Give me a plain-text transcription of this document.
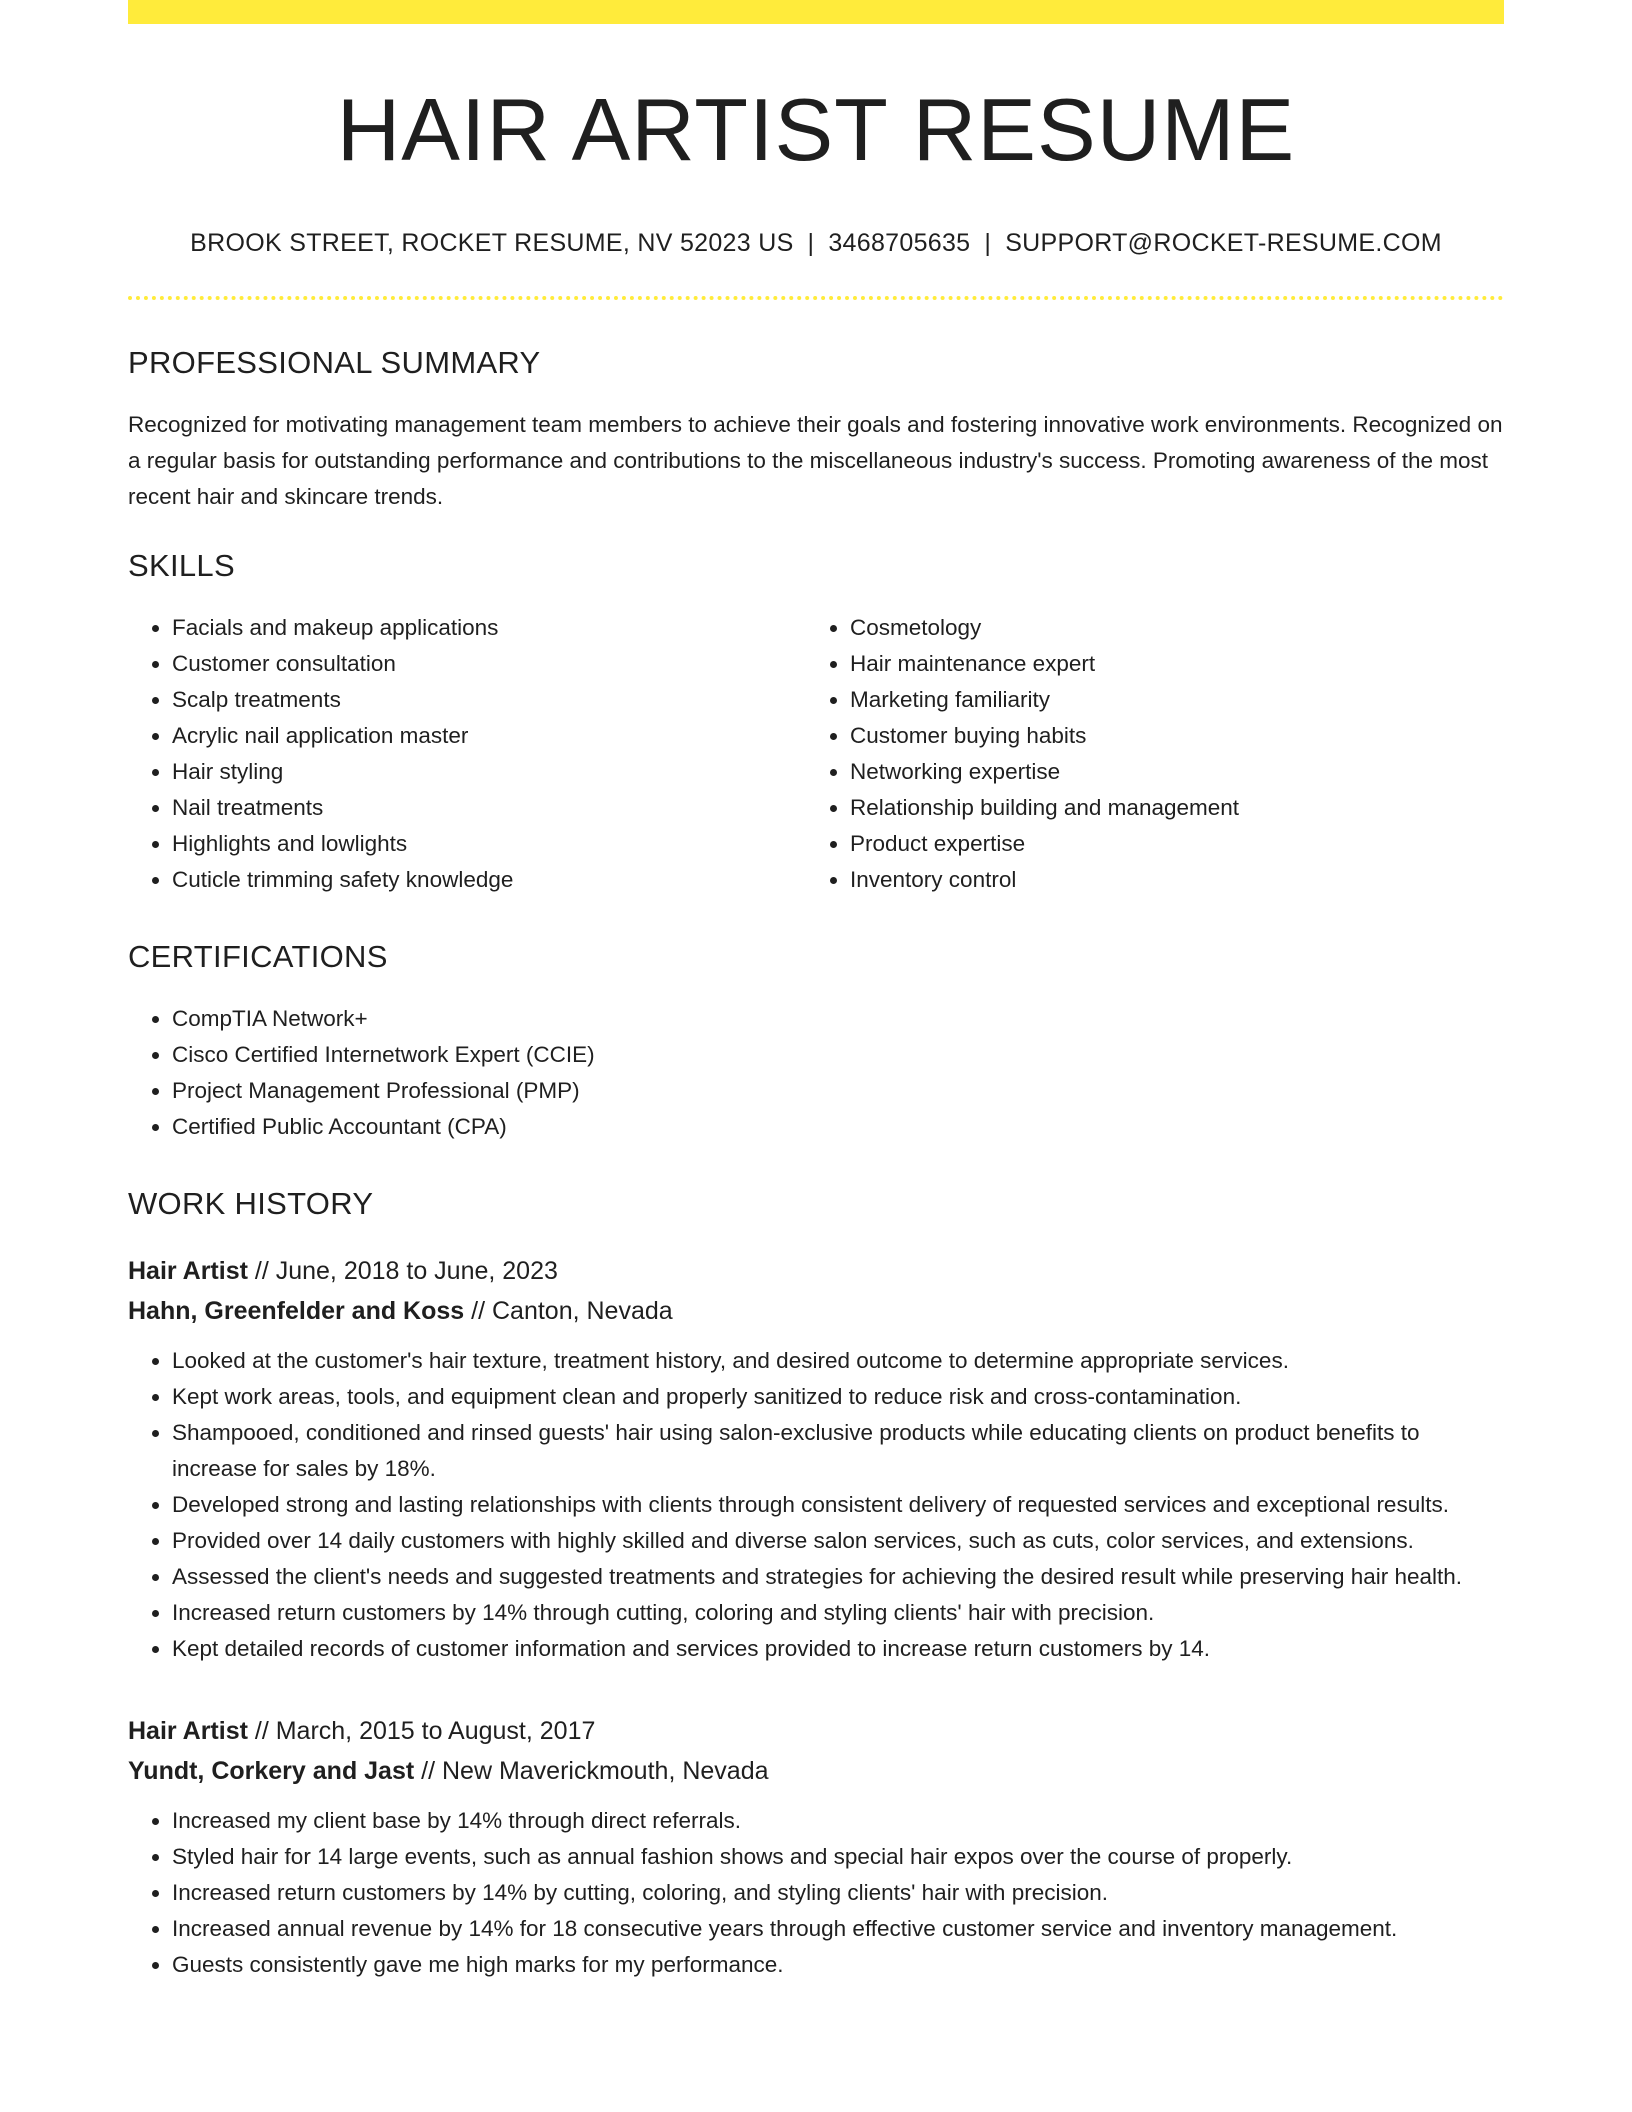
HAIR ARTIST RESUME
BROOK STREET, ROCKET RESUME, NV 52023 US | 3468705635 | SUPPORT@ROCKET-RESUME.COM
PROFESSIONAL SUMMARY

Recognized for motivating management team members to achieve their goals and fostering innovative work environments. Recognized on a regular basis for outstanding performance and contributions to the miscellaneous industry's success. Promoting awareness of the most recent hair and skincare trends.

SKILLS
• Facials and makeup applications
• Customer consultation
• Scalp treatments
• Acrylic nail application master
• Hair styling
• Nail treatments
• Highlights and lowlights
• Cuticle trimming safety knowledge
• Cosmetology
• Hair maintenance expert
• Marketing familiarity
• Customer buying habits
• Networking expertise
• Relationship building and management
• Product expertise
• Inventory control
CERTIFICATIONS
• CompTIA Network+
• Cisco Certified Internetwork Expert (CCIE)
• Project Management Professional (PMP)
• Certified Public Accountant (CPA)
WORK HISTORY
Hair Artist // June, 2018 to June, 2023
Hahn, Greenfelder and Koss // Canton, Nevada
• Looked at the customer's hair texture, treatment history, and desired outcome to determine appropriate services.
• Kept work areas, tools, and equipment clean and properly sanitized to reduce risk and cross-contamination.
• Shampooed, conditioned and rinsed guests' hair using salon-exclusive products while educating clients on product benefits to increase for sales by 18%.
• Developed strong and lasting relationships with clients through consistent delivery of requested services and exceptional results.
• Provided over 14 daily customers with highly skilled and diverse salon services, such as cuts, color services, and extensions.
• Assessed the client's needs and suggested treatments and strategies for achieving the desired result while preserving hair health.
• Increased return customers by 14% through cutting, coloring and styling clients' hair with precision.
• Kept detailed records of customer information and services provided to increase return customers by 14.
Hair Artist // March, 2015 to August, 2017
Yundt, Corkery and Jast // New Maverickmouth, Nevada
• Increased my client base by 14% through direct referrals.
• Styled hair for 14 large events, such as annual fashion shows and special hair expos over the course of properly.
• Increased return customers by 14% by cutting, coloring, and styling clients' hair with precision.
• Increased annual revenue by 14% for 18 consecutive years through effective customer service and inventory management.
• Guests consistently gave me high marks for my performance.
